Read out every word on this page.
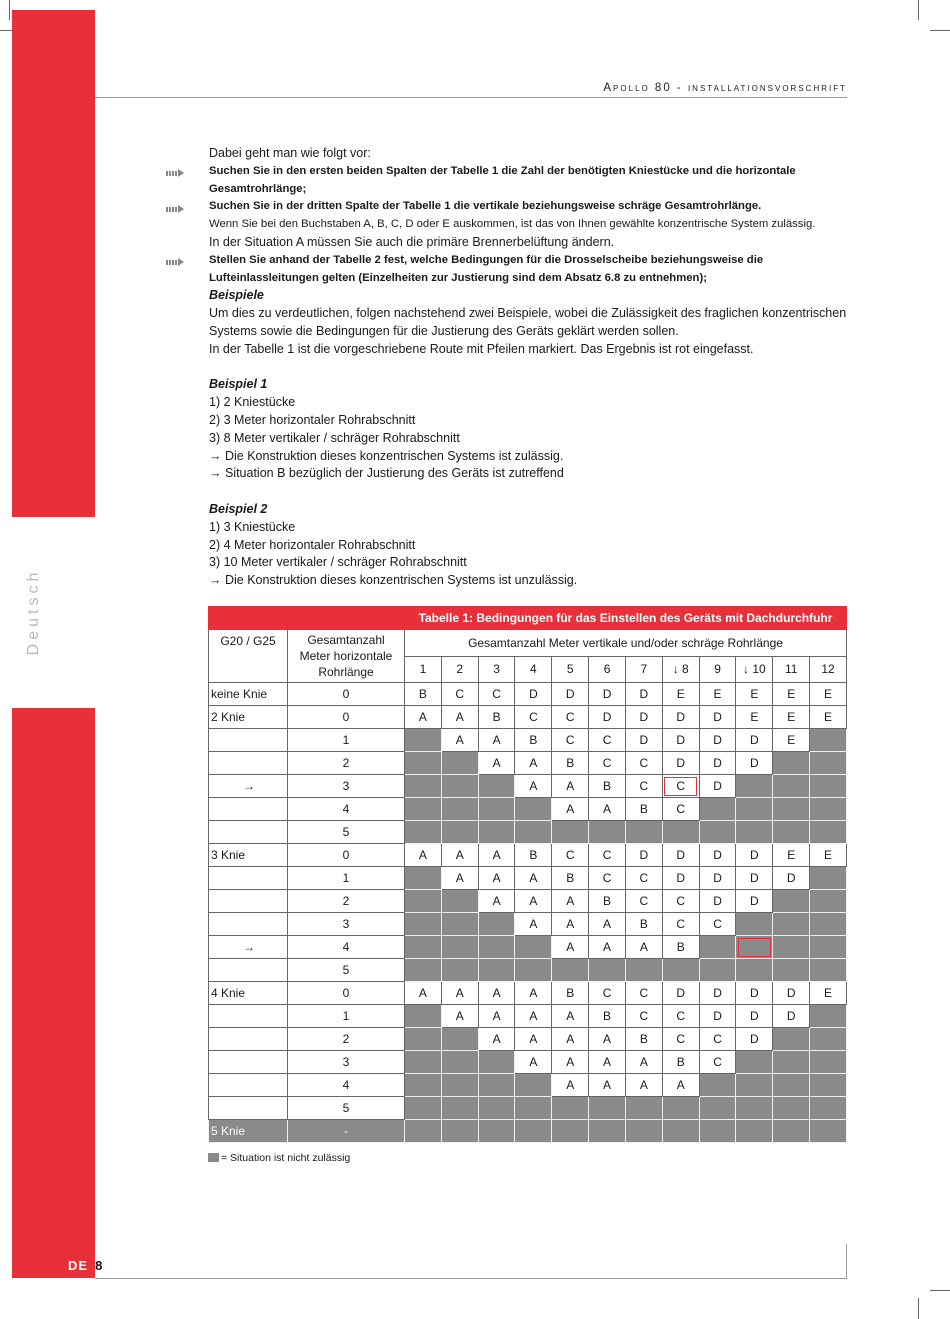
Deutsch
DE 8
Apollo 80 - installationsvorschrift

Dabei geht man wie folgt vor:

Suchen Sie in den ersten beiden Spalten der Tabelle 1 die Zahl der benötigten Kniestücke und die horizontale Gesamtrohrlänge;

Suchen Sie in der dritten Spalte der Tabelle 1 die vertikale beziehungsweise schräge Gesamtrohrlänge.

Wenn Sie bei den Buchstaben A, B, C, D oder E auskommen, ist das von Ihnen gewählte konzentrische System zulässig.

In der Situation A müssen Sie auch die primäre Brennerbelüftung ändern.

Stellen Sie anhand der Tabelle 2 fest, welche Bedingungen für die Drosselscheibe beziehungsweise die Lufteinlassleitungen gelten (Einzelheiten zur Justierung sind dem Absatz 6.8 zu entnehmen);

Beispiele

Um dies zu verdeutlichen, folgen nachstehend zwei Beispiele, wobei die Zulässigkeit des fraglichen konzentrischen Systems sowie die Bedingungen für die Justierung des Geräts geklärt werden sollen.

In der Tabelle 1 ist die vorgeschriebene Route mit Pfeilen markiert. Das Ergebnis ist rot eingefasst.

Beispiel 1

1) 2 Kniestücke

2) 3 Meter horizontaler Rohrabschnitt

3) 8 Meter vertikaler / schräger Rohrabschnitt

→ Die Konstruktion dieses konzentrischen Systems ist zulässig.

→ Situation B bezüglich der Justierung des Geräts ist zutreffend

Beispiel 2

1) 3 Kniestücke

2) 4 Meter horizontaler Rohrabschnitt

3) 10 Meter vertikaler / schräger Rohrabschnitt

→ Die Konstruktion dieses konzentrischen Systems ist unzulässig.

		Tabelle 1: Bedingungen für das Einstellen des Geräts mit Dachdurchfuhr											
G20 / G25	Gesamtanzahl Meter horizontale Rohrlänge	Gesamtanzahl Meter vertikale und/oder schräge Rohrlänge											
		1	2	3	4	5	6	7	↓ 8	9	↓ 10	11	12
keine Knie	0	B	C	C	D	D	D	D	E	E	E	E	E
2 Knie	0	A	A	B	C	C	D	D	D	D	E	E	E
	1		A	A	B	C	C	D	D	D	D	E	
	2			A	A	B	C	C	D	D	D		
→	3				A	A	B	C	C	D			
	4					A	A	B	C				
	5												
3 Knie	0	A	A	A	B	C	C	D	D	D	D	E	E
	1		A	A	A	B	C	C	D	D	D	D	
	2			A	A	A	B	C	C	D	D		
	3				A	A	A	B	C	C			
→	4					A	A	A	B				
	5												
4 Knie	0	A	A	A	A	B	C	C	D	D	D	D	E
	1		A	A	A	A	B	C	C	D	D	D	
	2			A	A	A	A	B	C	C	D		
	3				A	A	A	A	B	C			
	4					A	A	A	A				
	5												
5 Knie	-												
= Situation ist nicht zulässig
